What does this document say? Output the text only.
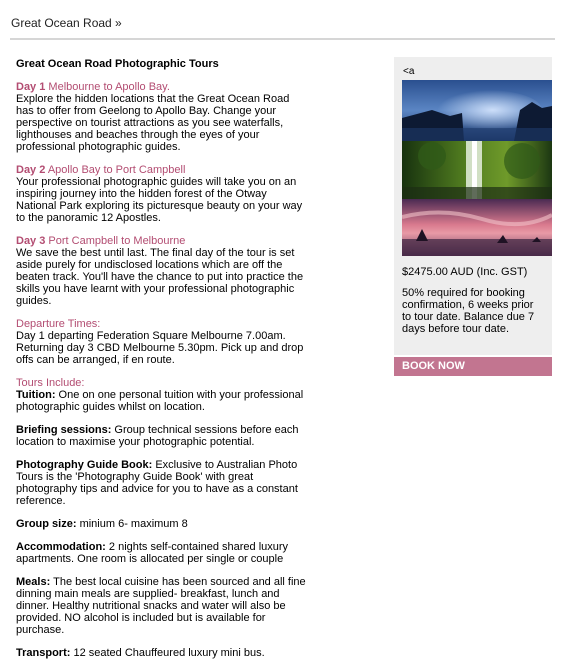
Great Ocean Road »
Great Ocean Road Photographic Tours
Day 1 Melbourne to Apollo Bay.

Explore the hidden locations that the Great Ocean Road has to offer from Geelong to Apollo Bay. Change your perspective on tourist attractions as you see waterfalls, lighthouses and beaches through the eyes of your professional photographic guides.

Day 2 Apollo Bay to Port Campbell

Your professional photographic guides will take you on an inspiring journey into the hidden forest of the Otway National Park exploring its picturesque beauty on your way to the panoramic 12 Apostles.

Day 3 Port Campbell to Melbourne

We save the best until last. The final day of the tour is set aside purely for undisclosed locations which are off the beaten track. You'll have the chance to put into practice the skills you have learnt with your professional photographic guides.

Departure Times:

Day 1 departing Federation Square Melbourne 7.00am. Returning day 3 CBD Melbourne 5.30pm. Pick up and drop offs can be arranged, if en route.

Tours Include:
Tuition: One on one personal tuition with your professional photographic guides whilst on location.
Briefing sessions: Group technical sessions before each location to maximise your photographic potential.
Photography Guide Book: Exclusive to Australian Photo Tours is the 'Photography Guide Book' with great photography tips and advice for you to have as a constant reference.
Group size: minium 6- maximum 8
Accommodation: 2 nights self-contained shared luxury apartments. One room is allocated per single or couple
Meals: The best local cuisine has been sourced and all fine dinning main meals are supplied- breakfast, lunch and dinner. Healthy nutritional snacks and water will also be provided. NO alcohol is included but is available for purchase.
Transport: 12 seated Chauffeured luxury mini bus.
<a
$2475.00 AUD (Inc. GST)
50% required for booking confirmation, 6 weeks prior to tour date. Balance due 7 days before tour date.
BOOK NOW
